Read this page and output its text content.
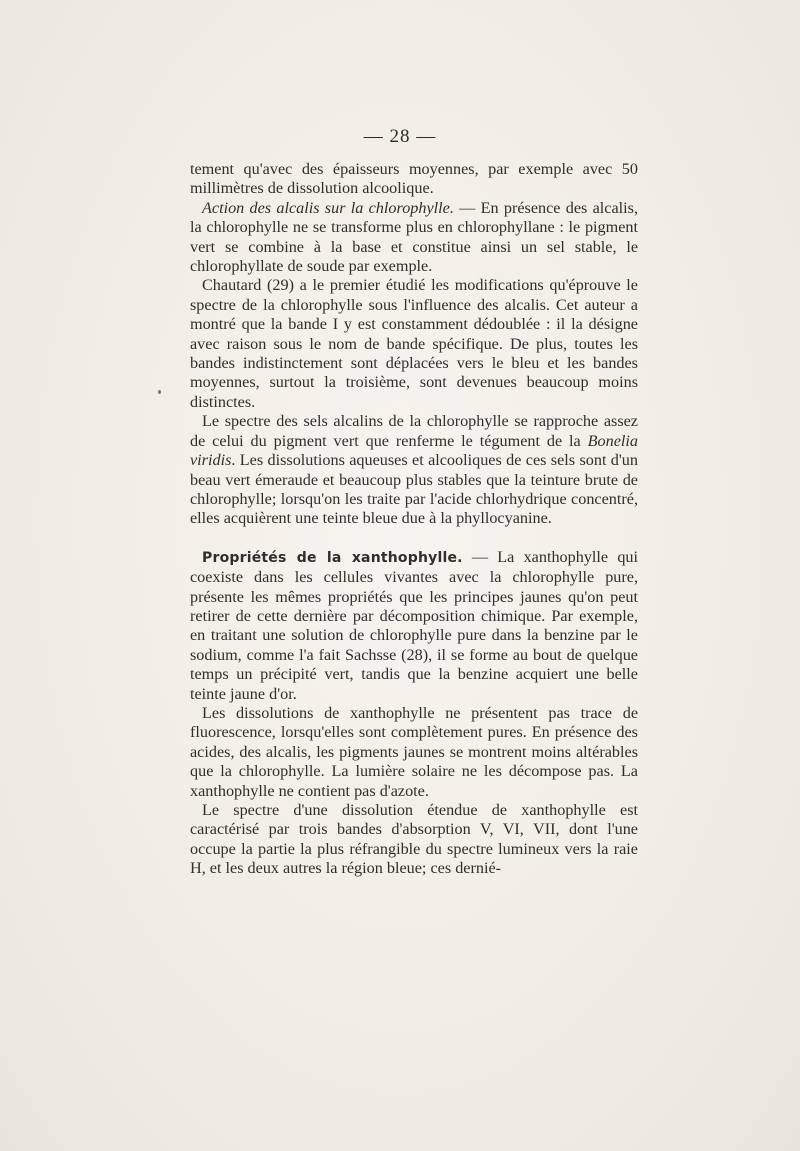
— 28 —

tement qu'avec des épaisseurs moyennes, par exemple avec 50 millimètres de dissolution alcoolique.

Action des alcalis sur la chlorophylle. — En présence des alcalis, la chlorophylle ne se transforme plus en chlorophyllane : le pigment vert se combine à la base et constitue ainsi un sel stable, le chlorophyllate de soude par exemple.

Chautard (29) a le premier étudié les modifications qu'éprouve le spectre de la chlorophylle sous l'influence des alcalis. Cet auteur a montré que la bande I y est constamment dédoublée : il la désigne avec raison sous le nom de bande spécifique. De plus, toutes les bandes indistinctement sont déplacées vers le bleu et les bandes moyennes, surtout la troisième, sont devenues beaucoup moins distinctes.

Le spectre des sels alcalins de la chlorophylle se rapproche assez de celui du pigment vert que renferme le tégument de la Bonelia viridis. Les dissolutions aqueuses et alcooliques de ces sels sont d'un beau vert émeraude et beaucoup plus stables que la teinture brute de chlorophylle; lorsqu'on les traite par l'acide chlorhydrique concentré, elles acquièrent une teinte bleue due à la phyllocyanine.

Propriétés de la xanthophylle. — La xanthophylle qui coexiste dans les cellules vivantes avec la chlorophylle pure, présente les mêmes propriétés que les principes jaunes qu'on peut retirer de cette dernière par décomposition chimique. Par exemple, en traitant une solution de chlorophylle pure dans la benzine par le sodium, comme l'a fait Sachsse (28), il se forme au bout de quelque temps un précipité vert, tandis que la benzine acquiert une belle teinte jaune d'or.

Les dissolutions de xanthophylle ne présentent pas trace de fluorescence, lorsqu'elles sont complètement pures. En présence des acides, des alcalis, les pigments jaunes se montrent moins altérables que la chlorophylle. La lumière solaire ne les décompose pas. La xanthophylle ne contient pas d'azote.

Le spectre d'une dissolution étendue de xanthophylle est caractérisé par trois bandes d'absorption V, VI, VII, dont l'une occupe la partie la plus réfrangible du spectre lumineux vers la raie H, et les deux autres la région bleue; ces dernié-
